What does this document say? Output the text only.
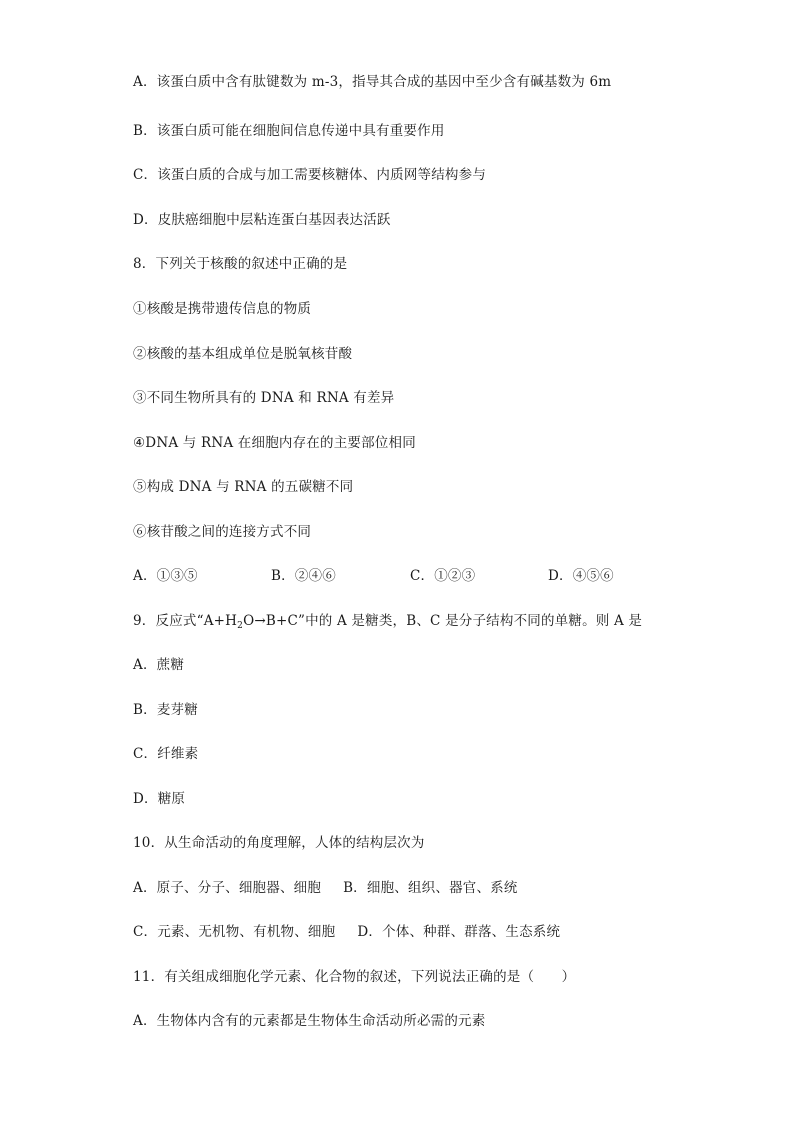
A．该蛋白质中含有肽键数为 m-3，指导其合成的基因中至少含有碱基数为 6m
B．该蛋白质可能在细胞间信息传递中具有重要作用
C．该蛋白质的合成与加工需要核糖体、内质网等结构参与
D．皮肤癌细胞中层粘连蛋白基因表达活跃
8．下列关于核酸的叙述中正确的是
①核酸是携带遗传信息的物质
②核酸的基本组成单位是脱氧核苷酸
③不同生物所具有的 DNA 和 RNA 有差异
④DNA 与 RNA 在细胞内存在的主要部位相同
⑤构成 DNA 与 RNA 的五碳糖不同
⑥核苷酸之间的连接方式不同
A．①③⑤	B．②④⑥	C．①②③	D．④⑤⑥
9．反应式“$A+H_2O\to B+C$”中的 A 是糖类，B、C 是分子结构不同的单糖。则 A 是
A．蔗糖
B．麦芽糖
C．纤维素
D．糖原
10．从生命活动的角度理解，人体的结构层次为
A．原子、分子、细胞器、细胞 B．细胞、组织、器官、系统
C．元素、无机物、有机物、细胞 D．个体、种群、群落、生态系统
11．有关组成细胞化学元素、化合物的叙述，下列说法正确的是（　　）
A．生物体内含有的元素都是生物体生命活动所必需的元素
